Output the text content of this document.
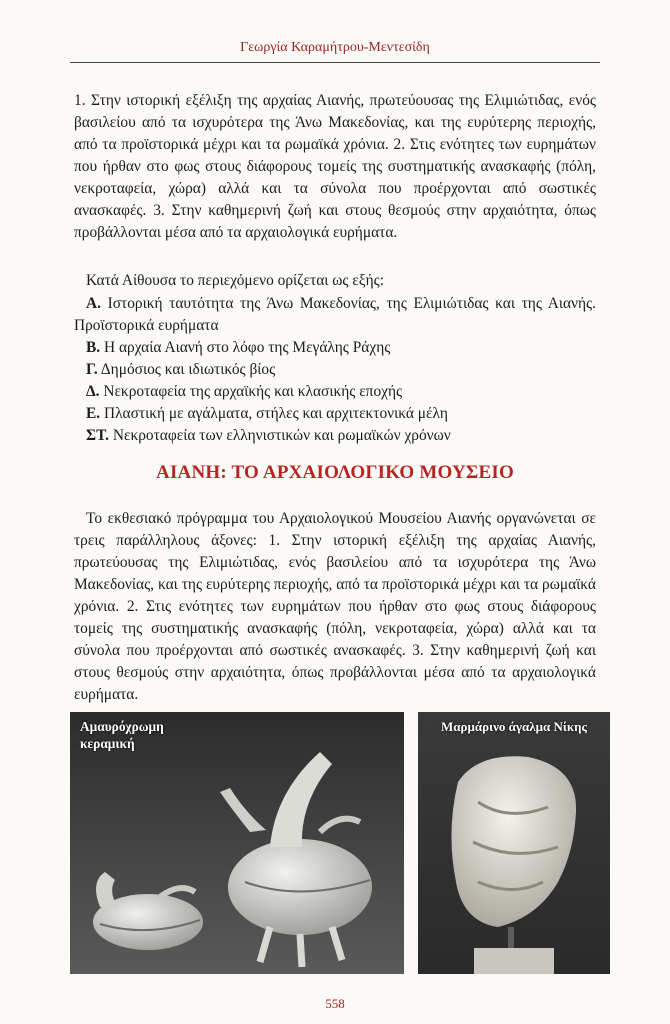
Γεωργία Καραμήτρου-Μεντεσίδη

1. Στην ιστορική εξέλιξη της αρχαίας Αιανής, πρωτεύουσας της Ελιμιώτιδας, ενός βασιλείου από τα ισχυρότερα της Άνω Μακεδονίας, και της ευρύτερης περιοχής, από τα προϊστορικά μέχρι και τα ρωμαϊκά χρόνια. 2. Στις ενότητες των ευρημάτων που ήρθαν στο φως στους διάφορους τομείς της συστηματικής ανασκαφής (πόλη, νεκροταφεία, χώρα) αλλά και τα σύνολα που προέρχονται από σωστικές ανασκαφές. 3. Στην καθημερινή ζωή και στους θεσμούς στην αρχαιότητα, όπως προβάλλονται μέσα από τα αρχαιολογικά ευρήματα.

Κατά Αίθουσα το περιεχόμενο ορίζεται ως εξής:

Α. Ιστορική ταυτότητα της Άνω Μακεδονίας, της Ελιμιώτιδας και της Αιανής. Προϊστορικά ευρήματα
Β. Η αρχαία Αιανή στο λόφο της Μεγάλης Ράχης
Γ. Δημόσιος και ιδιωτικός βίος
Δ. Νεκροταφεία της αρχαϊκής και κλασικής εποχής
Ε. Πλαστική με αγάλματα, στήλες και αρχιτεκτονικά μέλη
ΣΤ. Νεκροταφεία των ελληνιστικών και ρωμαϊκών χρόνων
ΑΙΑΝΗ: ΤΟ ΑΡΧΑΙΟΛΟΓΙΚΟ ΜΟΥΣΕΙΟ

Το εκθεσιακό πρόγραμμα του Αρχαιολογικού Μουσείου Αιανής οργανώνεται σε τρεις παράλληλους άξονες: 1. Στην ιστορική εξέλιξη της αρχαίας Αιανής, πρωτεύουσας της Ελιμιώτιδας, ενός βασιλείου από τα ισχυρότερα της Άνω Μακεδονίας, και της ευρύτερης περιοχής, από τα προϊστορικά μέχρι και τα ρωμαϊκά χρόνια. 2. Στις ενότητες των ευρημάτων που ήρθαν στο φως στους διάφορους τομείς της συστηματικής ανασκαφής (πόλη, νεκροταφεία, χώρα) αλλά και τα σύνολα που προέρχονται από σωστικές ανασκαφές. 3. Στην καθημερινή ζωή και στους θεσμούς στην αρχαιότητα, όπως προβάλλονται μέσα από τα αρχαιολογικά ευρήματα.

Αμαυρόχρωμη
κεραμική
Μαρμάρινο άγαλμα Νίκης
558
